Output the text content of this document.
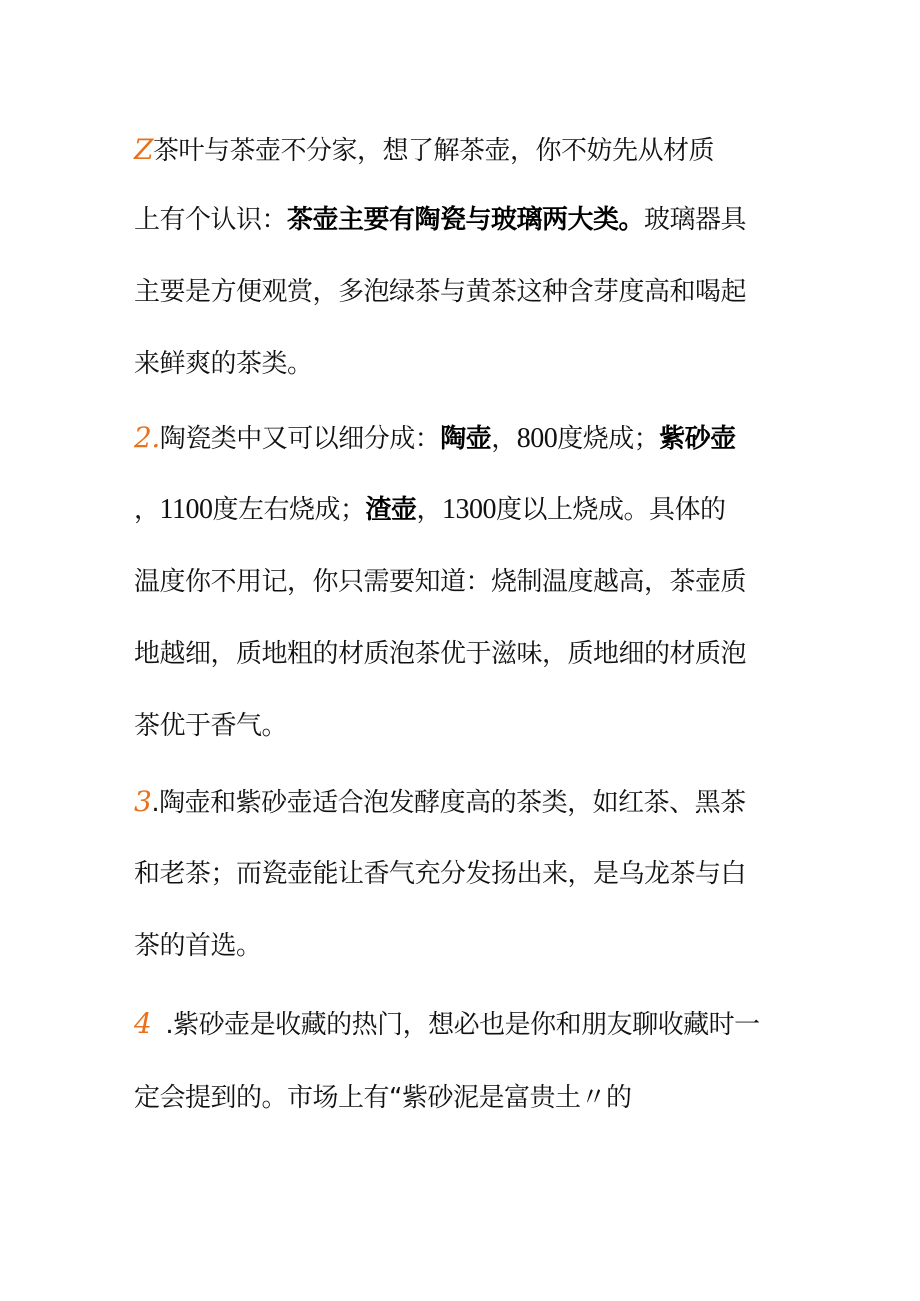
Z茶叶与茶壶不分家，想了解茶壶，你不妨先从材质
上有个认识：茶壶主要有陶瓷与玻璃两大类。玻璃器具
主要是方便观赏，多泡绿茶与黄茶这种含芽度高和喝起
来鲜爽的茶类。
2.陶瓷类中又可以细分成：陶壶，800度烧成；紫砂壶
，1100度左右烧成；渣壶，1300度以上烧成。具体的
温度你不用记，你只需要知道：烧制温度越高，茶壶质
地越细，质地粗的材质泡茶优于滋味，质地细的材质泡
茶优于香气。
3.陶壶和紫砂壶适合泡发酵度高的茶类，如红茶、黑茶
和老茶；而瓷壶能让香气充分发扬出来，是乌龙茶与白
茶的首选。
4 .紫砂壶是收藏的热门，想必也是你和朋友聊收藏时一
定会提到的。市场上有“紫砂泥是富贵土〃的
